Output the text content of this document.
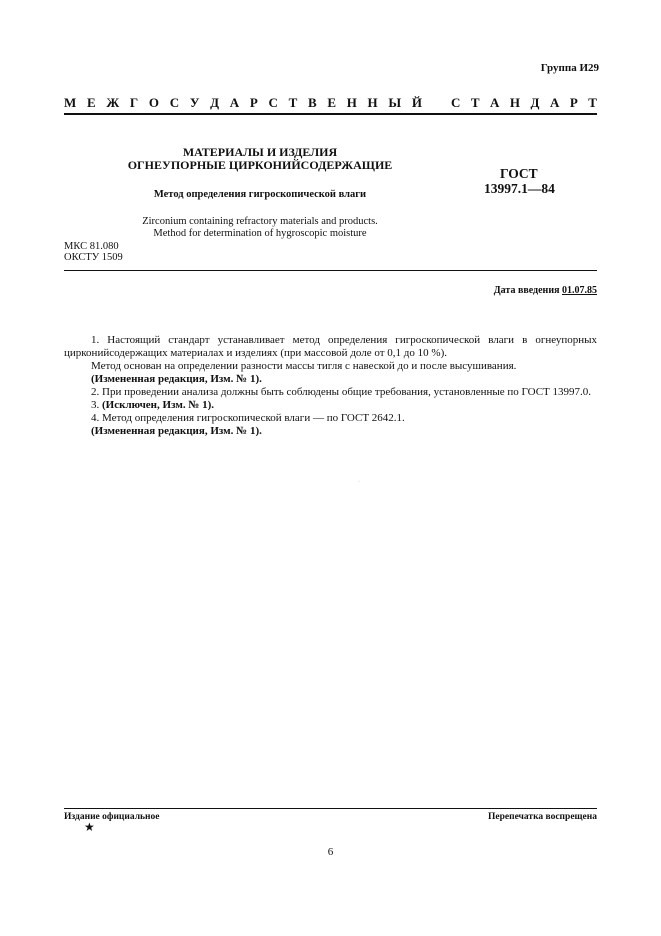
Группа И29
М Е Ж Г О С У Д А Р С Т В Е Н Н Ы Й С Т А Н Д А Р Т
МАТЕРИАЛЫ И ИЗДЕЛИЯ
ОГНЕУПОРНЫЕ ЦИРКОНИЙСОДЕРЖАЩИЕ
Метод определения гигроскопической влаги
Zirconium containing refractory materials and products.
Method for determination of hygroscopic moisture
ГОСТ
13997.1—84
МКС 81.080
ОКСТУ 1509
Дата введения 01.07.85

1. Настоящий стандарт устанавливает метод определения гигроскопической влаги в огнеупорных цирконийсодержащих материалах и изделиях (при массовой доле от 0,1 до 10 %).

Метод основан на определении разности массы тигля с навеской до и после высушивания.

(Измененная редакция, Изм. № 1).

2. При проведении анализа должны быть соблюдены общие требования, установленные по ГОСТ 13997.0.

3. (Исключен, Изм. № 1).

4. Метод определения гигроскопической влаги — по ГОСТ 2642.1.

(Измененная редакция, Изм. № 1).

·
Издание официальное
★
Перепечатка воспрещена
6
